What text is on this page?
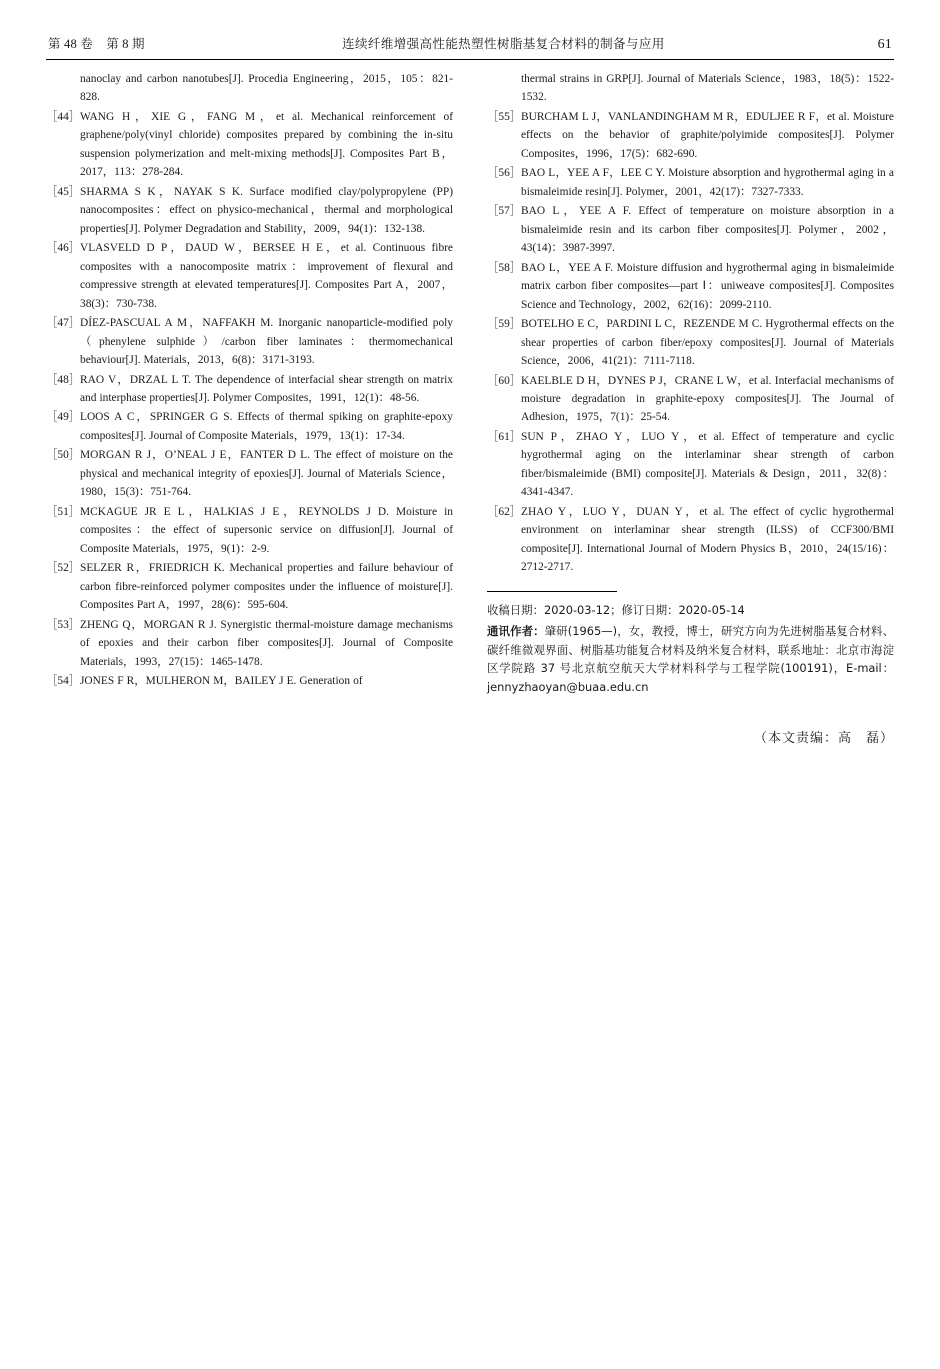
第 48 卷    第 8 期	连续纤维增强高性能热塑性树脂基复合材料的制备与应用	61
nanoclay and carbon nanotubes[J]. Procedia Engineering，2015，105：821-828.
［44］ WANG H，XIE G，FANG M，et al. Mechanical reinforcement of graphene/poly(vinyl chloride) composites prepared by combining the in-situ suspension polymerization and melt-mixing methods[J]. Composites Part B，2017，113：278-284.
［45］ SHARMA S K，NAYAK S K. Surface modified clay/polypropylene (PP) nanocomposites：effect on physico-mechanical，thermal and morphological properties[J]. Polymer Degradation and Stability，2009，94(1)：132-138.
［46］ VLASVELD D P，DAUD W，BERSEE H E，et al. Continuous fibre composites with a nanocomposite matrix：improvement of flexural and compressive strength at elevated temperatures[J]. Composites Part A，2007，38(3)：730-738.
［47］ DÍEZ-PASCUAL A M，NAFFAKH M. Inorganic nanoparticle-modified poly（phenylene sulphide）/carbon fiber laminates：thermomechanical behaviour[J]. Materials，2013，6(8)：3171-3193.
［48］ RAO V，DRZAL L T. The dependence of interfacial shear strength on matrix and interphase properties[J]. Polymer Composites，1991，12(1)：48-56.
［49］ LOOS A C，SPRINGER G S. Effects of thermal spiking on graphite-epoxy composites[J]. Journal of Composite Materials，1979，13(1)：17-34.
［50］ MORGAN R J，O’NEAL J E，FANTER D L. The effect of moisture on the physical and mechanical integrity of epoxies[J]. Journal of Materials Science，1980，15(3)：751-764.
［51］ MCKAGUE JR E L，HALKIAS J E，REYNOLDS J D. Moisture in composites：the effect of supersonic service on diffusion[J]. Journal of Composite Materials，1975，9(1)：2-9.
［52］ SELZER R，FRIEDRICH K. Mechanical properties and failure behaviour of carbon fibre-reinforced polymer composites under the influence of moisture[J]. Composites Part A，1997，28(6)：595-604.
［53］ ZHENG Q，MORGAN R J. Synergistic thermal-moisture damage mechanisms of epoxies and their carbon fiber composites[J]. Journal of Composite Materials，1993，27(15)：1465-1478.
［54］ JONES F R，MULHERON M，BAILEY J E. Generation of
thermal strains in GRP[J]. Journal of Materials Science，1983，18(5)：1522-1532.
［55］ BURCHAM L J，VANLANDINGHAM M R，EDULJEE R F，et al. Moisture effects on the behavior of graphite/polyimide composites[J]. Polymer Composites，1996，17(5)：682-690.
［56］ BAO L，YEE A F，LEE C Y. Moisture absorption and hygrothermal aging in a bismaleimide resin[J]. Polymer，2001，42(17)：7327-7333.
［57］ BAO L，YEE A F. Effect of temperature on moisture absorption in a bismaleimide resin and its carbon fiber composites[J]. Polymer，2002，43(14)：3987-3997.
［58］ BAO L，YEE A F. Moisture diffusion and hygrothermal aging in bismaleimide matrix carbon fiber composites—part Ⅰ：uniweave composites[J]. Composites Science and Technology，2002，62(16)：2099-2110.
［59］ BOTELHO E C，PARDINI L C，REZENDE M C. Hygrothermal effects on the shear properties of carbon fiber/epoxy composites[J]. Journal of Materials Science，2006，41(21)：7111-7118.
［60］ KAELBLE D H，DYNES P J，CRANE L W，et al. Interfacial mechanisms of moisture degradation in graphite-epoxy composites[J]. The Journal of Adhesion，1975，7(1)：25-54.
［61］ SUN P，ZHAO Y，LUO Y，et al. Effect of temperature and cyclic hygrothermal aging on the interlaminar shear strength of carbon fiber/bismaleimide (BMI) composite[J]. Materials & Design，2011，32(8)：4341-4347.
［62］ ZHAO Y，LUO Y，DUAN Y，et al. The effect of cyclic hygrothermal environment on interlaminar shear strength (ILSS) of CCF300/BMI composite[J]. International Journal of Modern Physics B，2010，24(15/16)：2712-2717.

收稿日期：2020-03-12；修订日期：2020-05-14

通讯作者：肇研(1965—)，女，教授，博士，研究方向为先进树脂基复合材料、碳纤维微观界面、树脂基功能复合材料及纳米复合材料，联系地址：北京市海淀区学院路 37 号北京航空航天大学材料科学与工程学院(100191)，E-mail：jennyzhaoyan@buaa.edu.cn

（本文责编：高 磊）
